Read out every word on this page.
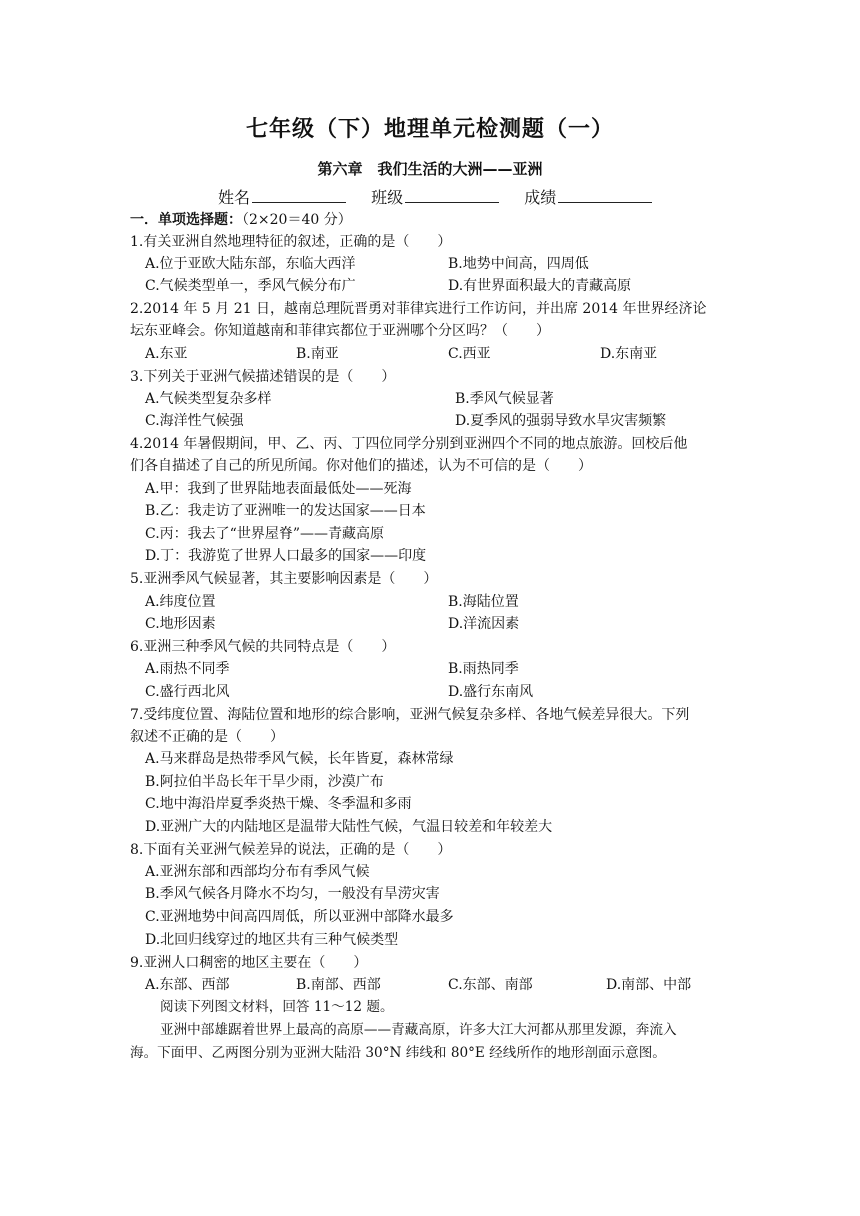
七年级（下）地理单元检测题（一）
第六章　我们生活的大洲——亚洲
姓名	班级	成绩
一．单项选择题：（2×20＝40 分）
1.有关亚洲自然地理特征的叙述，正确的是（　　）
A.位于亚欧大陆东部，东临大西洋	B.地势中间高，四周低
C.气候类型单一，季风气候分布广	D.有世界面积最大的青藏高原
2.2014 年 5 月 21 日，越南总理阮晋勇对菲律宾进行工作访问，并出席 2014 年世界经济论
坛东亚峰会。你知道越南和菲律宾都位于亚洲哪个分区吗？（　　）
A.东亚	B.南亚	C.西亚	D.东南亚
3.下列关于亚洲气候描述错误的是（　　）
A.气候类型复杂多样	B.季风气候显著
C.海洋性气候强	D.夏季风的强弱导致水旱灾害频繁
4.2014 年暑假期间，甲、乙、丙、丁四位同学分别到亚洲四个不同的地点旅游。回校后他
们各自描述了自己的所见所闻。你对他们的描述，认为不可信的是（　　）
A.甲：我到了世界陆地表面最低处——死海
B.乙：我走访了亚洲唯一的发达国家——日本
C.丙：我去了“世界屋脊”——青藏高原
D.丁：我游览了世界人口最多的国家——印度
5.亚洲季风气候显著，其主要影响因素是（　　）
A.纬度位置	B.海陆位置
C.地形因素	D.洋流因素
6.亚洲三种季风气候的共同特点是（　　）
A.雨热不同季	B.雨热同季
C.盛行西北风	D.盛行东南风
7.受纬度位置、海陆位置和地形的综合影响，亚洲气候复杂多样、各地气候差异很大。下列
叙述不正确的是（　　）
A.马来群岛是热带季风气候，长年皆夏，森林常绿
B.阿拉伯半岛长年干旱少雨，沙漠广布
C.地中海沿岸夏季炎热干燥、冬季温和多雨
D.亚洲广大的内陆地区是温带大陆性气候，气温日较差和年较差大
8.下面有关亚洲气候差异的说法，正确的是（　　）
A.亚洲东部和西部均分布有季风气候
B.季风气候各月降水不均匀，一般没有旱涝灾害
C.亚洲地势中间高四周低，所以亚洲中部降水最多
D.北回归线穿过的地区共有三种气候类型
9.亚洲人口稠密的地区主要在（　　）
A.东部、西部	B.南部、西部	C.东部、南部	D.南部、中部
阅读下列图文材料，回答 11～12 题。
亚洲中部雄踞着世界上最高的高原——青藏高原，许多大江大河都从那里发源，奔流入
海。下面甲、乙两图分别为亚洲大陆沿 30°N 纬线和 80°E 经线所作的地形剖面示意图。
